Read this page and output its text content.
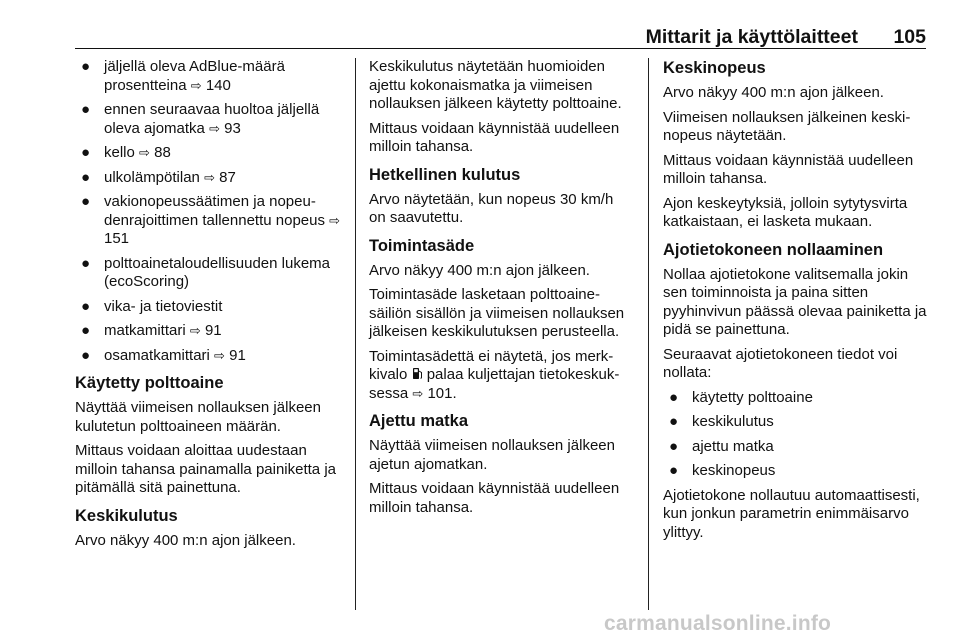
Mittarit ja käyttölaitteet 105
● jäljellä oleva AdBlue-määrä prosentteina ⇨ 140
● ennen seuraavaa huoltoa jäljellä oleva ajomatka ⇨ 93
● kello ⇨ 88
● ulkolämpötilan ⇨ 87
● vakionopeussäätimen ja nopeudenrajoittimen tallennettu nopeus ⇨ 151
● polttoainetaloudellisuuden lukema (ecoScoring)
● vika- ja tietoviestit
● matkamittari ⇨ 91
● osamatkamittari ⇨ 91
Käytetty polttoaine

Näyttää viimeisen nollauksen jälkeen kulutetun polttoaineen määrän.

Mittaus voidaan aloittaa uudestaan milloin tahansa painamalla painiketta ja pitämällä sitä painettuna.

Keskikulutus

Arvo näkyy 400 m:n ajon jälkeen.

Keskikulutus näytetään huomioiden ajettu kokonaismatka ja viimeisen nollauksen jälkeen käytetty polttoaine.

Mittaus voidaan käynnistää uudelleen milloin tahansa.

Hetkellinen kulutus

Arvo näytetään, kun nopeus 30 km/h on saavutettu.

Toimintasäde

Arvo näkyy 400 m:n ajon jälkeen.

Toimintasäde lasketaan polttoainesäiliön sisällön ja viimeisen nollauksen jälkeisen keskikulutuksen perusteella.

Toimintasädettä ei näytetä, jos merkkivalo palaa kuljettajan tietokeskuksessa ⇨ 101.

Ajettu matka

Näyttää viimeisen nollauksen jälkeen ajetun ajomatkan.

Mittaus voidaan käynnistää uudelleen milloin tahansa.

Keskinopeus

Arvo näkyy 400 m:n ajon jälkeen.

Viimeisen nollauksen jälkeinen keskinopeus näytetään.

Mittaus voidaan käynnistää uudelleen milloin tahansa.

Ajon keskeytyksiä, jolloin sytytysvirta katkaistaan, ei lasketa mukaan.

Ajotietokoneen nollaaminen

Nollaa ajotietokone valitsemalla jokin sen toiminnoista ja paina sitten pyyhinvivun päässä olevaa painiketta ja pidä se painettuna.

Seuraavat ajotietokoneen tiedot voi nollata:

● käytetty polttoaine
● keskikulutus
● ajettu matka
● keskinopeus

Ajotietokone nollautuu automaattisesti, kun jonkun parametrin enimmäisarvo ylittyy.

carmanualsonline.info
